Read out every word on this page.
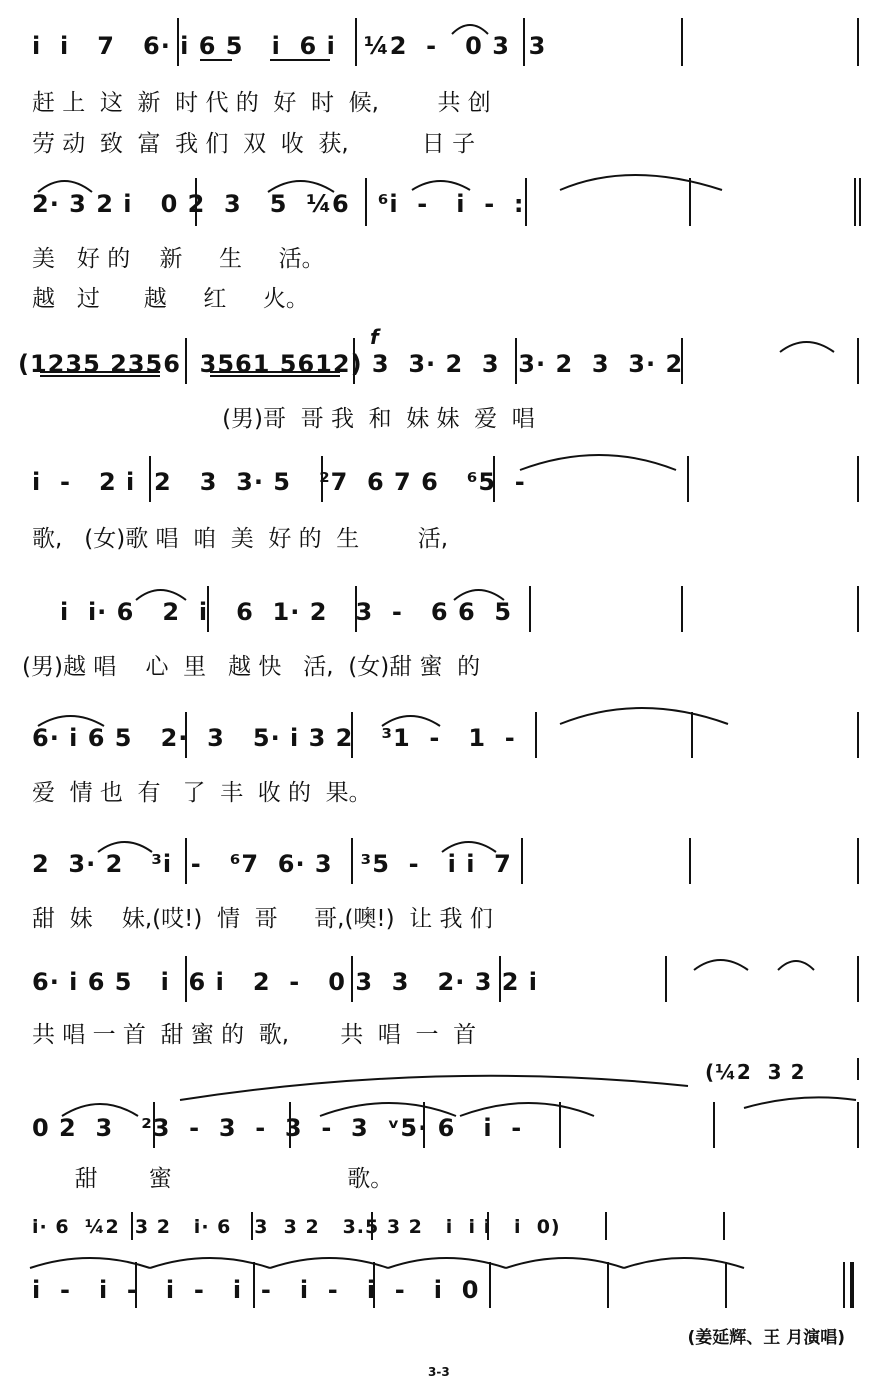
i  i   7   6· i 6 5   i  6 i   ¼2  -   0 3  3
赶 上  这  新  时 代 的  好  时  候,        共 创
劳 动  致  富  我 们  双  收  获,          日 子
2· 3 2 i   0 2  3   5  ¼6   ⁶i  -   i  -  :
美   好 的    新     生     活。
越   过      越     红     火。
f
(1235 2356  3561 5612) 3  3· 2  3  3· 2  3  3· 2
(男)哥  哥 我  和  妹 妹  爱  唱
i  -   2 i  2   3  3· 5   ²7  6 7 6   ⁶5  -
歌,   (女)歌 唱  咱  美  好 的  生        活,
i  i· 6   2  i   6  1· 2   3  -   6 6  5
(男)越 唱    心  里   越 快   活,  (女)甜 蜜  的
6· i 6 5   2·  3   5· i 3 2   ³1  -   1  -
爱  情 也  有   了  丰  收 的  果。
2  3· 2   ³i  -   ⁶7  6· 3   ³5  -   i i  7
甜  妹    妹,(哎!)  情  哥     哥,(噢!)  让 我 们
6· i 6 5   i  6 i   2  -   0 3  3   2· 3 2 i
共 唱 一 首  甜 蜜 的  歌,       共  唱  一  首
(¼2  3 2
0 2  3   ²3  -  3  -  3  -  3  ᵛ5· 6   i  -
甜       蜜                        歌。
i· 6  ¼2  3 2   i· 6   3  3 2   3.5 3 2   i  i i   i  0)
i  -   i  -   i  -   i  -   i  -   i  -   i  0
(姜延辉、王 月演唱)
3-3
